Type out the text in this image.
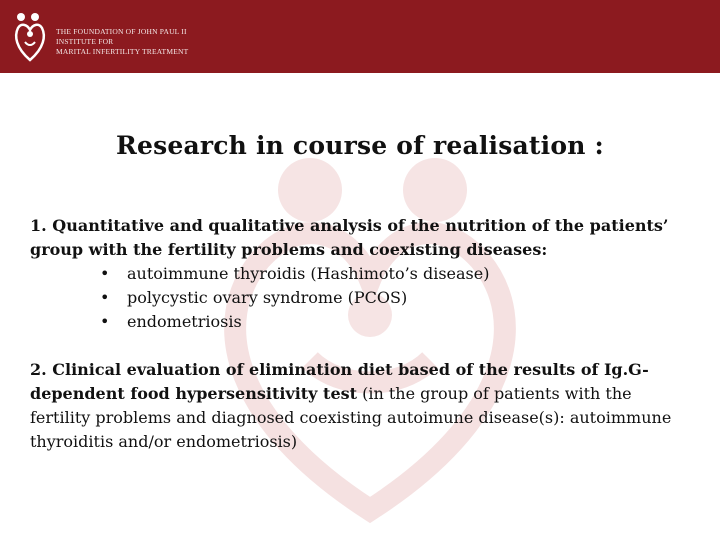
THE FOUNDATION OF JOHN PAUL II
INSTITUTE FOR
MARITAL INFERTILITY TREATMENT
Research in course of realisation :

1. Quantitative and qualitative analysis of the nutrition of the patients’ group with the fertility problems and coexisting diseases:

• autoimmune thyroidis (Hashimoto’s disease)
• polycystic ovary syndrome (PCOS)
• endometriosis

2. Clinical evaluation of elimination diet based of the results of Ig.G- dependent food hypersensitivity test (in the group of patients with the fertility problems and diagnosed coexisting autoimune disease(s): autoimmune thyroiditis and/or endometriosis)
